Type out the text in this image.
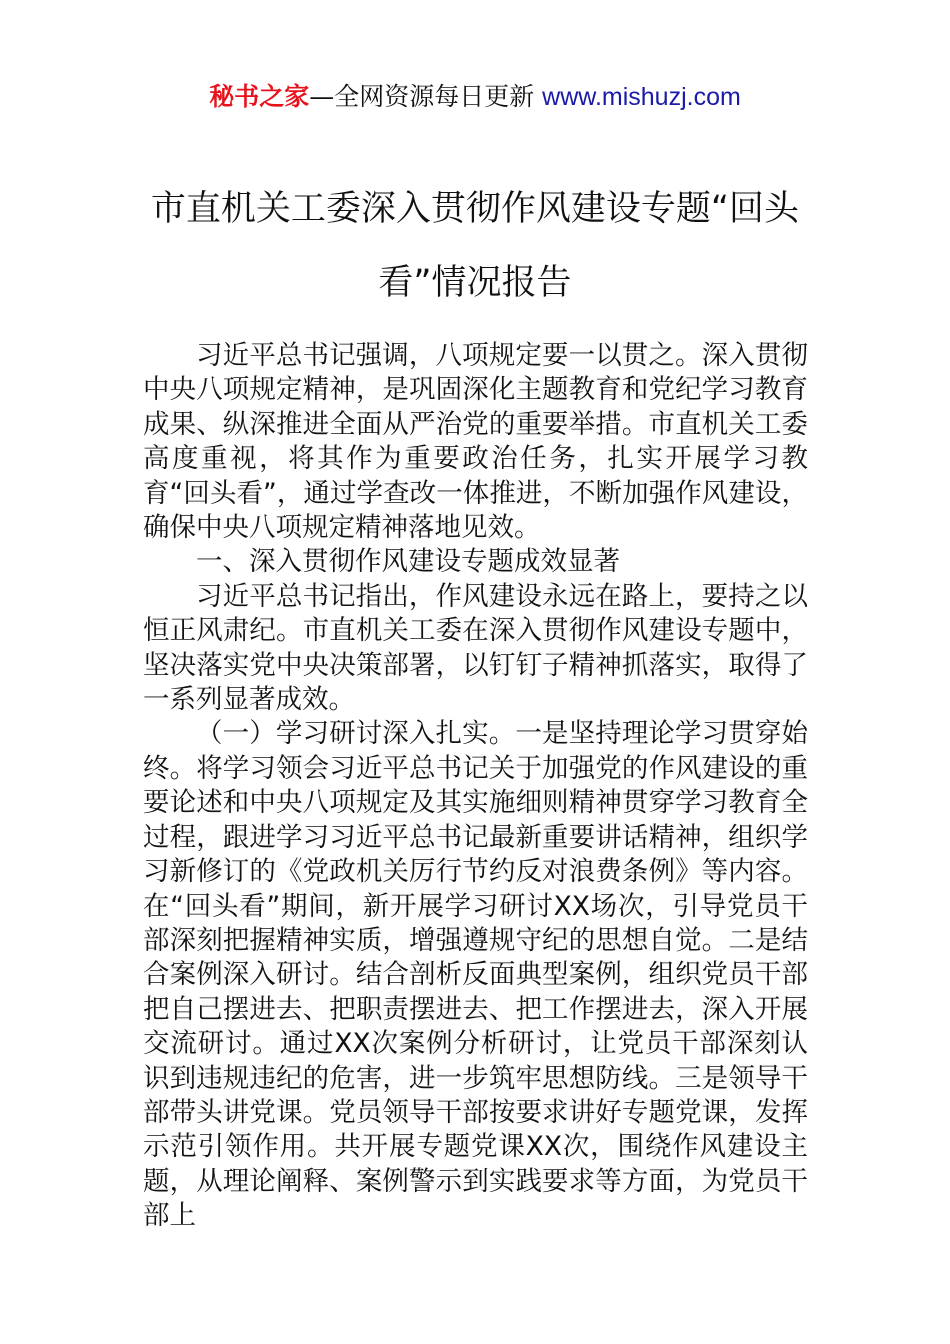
秘书之家—全网资源每日更新 www.mishuzj.com
市直机关工委深入贯彻作风建设专题“回头看”情况报告

习近平总书记强调，八项规定要一以贯之。深入贯彻中央八项规定精神，是巩固深化主题教育和党纪学习教育成果、纵深推进全面从严治党的重要举措。市直机关工委高度重视，将其作为重要政治任务，扎实开展学习教育“回头看”，通过学查改一体推进，不断加强作风建设，确保中央八项规定精神落地见效。

一、深入贯彻作风建设专题成效显著

习近平总书记指出，作风建设永远在路上，要持之以恒正风肃纪。市直机关工委在深入贯彻作风建设专题中，坚决落实党中央决策部署，以钉钉子精神抓落实，取得了一系列显著成效。

（一）学习研讨深入扎实。一是坚持理论学习贯穿始终。将学习领会习近平总书记关于加强党的作风建设的重要论述和中央八项规定及其实施细则精神贯穿学习教育全过程，跟进学习习近平总书记最新重要讲话精神，组织学习新修订的《党政机关厉行节约反对浪费条例》等内容。在“回头看”期间，新开展学习研讨XX场次，引导党员干部深刻把握精神实质，增强遵规守纪的思想自觉。二是结合案例深入研讨。结合剖析反面典型案例，组织党员干部把自己摆进去、把职责摆进去、把工作摆进去，深入开展交流研讨。通过XX次案例分析研讨，让党员干部深刻认识到违规违纪的危害，进一步筑牢思想防线。三是领导干部带头讲党课。党员领导干部按要求讲好专题党课，发挥示范引领作用。共开展专题党课XX次，围绕作风建设主题，从理论阐释、案例警示到实践要求等方面，为党员干部上
